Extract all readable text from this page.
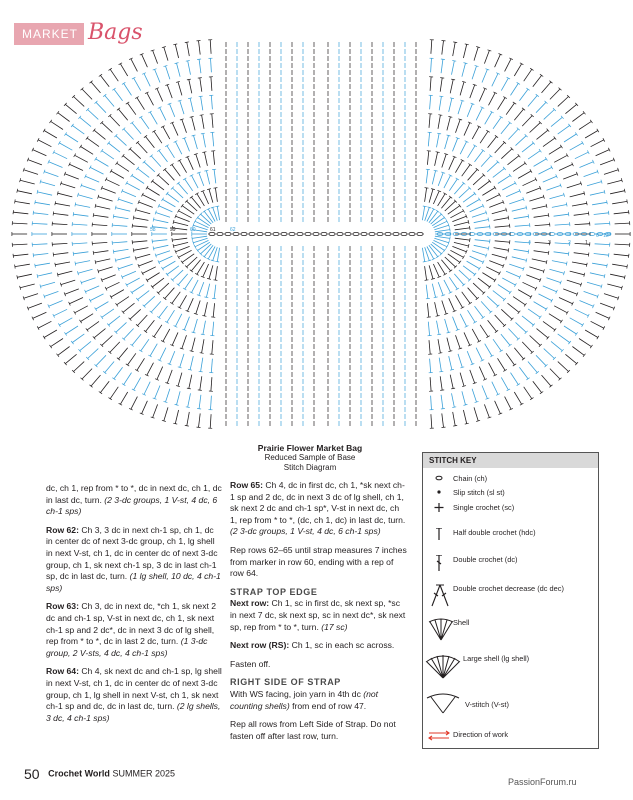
MARKET Bags
62
61
60
59
58
4	3	2	1
0 - 12
Prairie Flower Market Bag
Reduced Sample of Base
Stitch Diagram

dc, ch 1, rep from * to *, dc in next dc, ch 1, dc in last dc, turn. (2 3-dc groups, 1 V-st, 4 dc, 6 ch-1 sps)

Row 62: Ch 3, 3 dc in next ch-1 sp, ch 1, dc in center dc of next 3-dc group, ch 1, lg shell in next V-st, ch 1, dc in center dc of next 3-dc group, ch 1, sk next ch-1 sp, 3 dc in last ch-1 sp, dc in last dc, turn. (1 lg shell, 10 dc, 4 ch-1 sps)

Row 63: Ch 3, dc in next dc, *ch 1, sk next 2 dc and ch-1 sp, V-st in next dc, ch 1, sk next ch-1 sp and 2 dc*, dc in next 3 dc of lg shell, rep from * to *, dc in last 2 dc, turn. (1 3-dc group, 2 V-sts, 4 dc, 4 ch-1 sps)

Row 64: Ch 4, sk next dc and ch-1 sp, lg shell in next V-st, ch 1, dc in center dc of next 3-dc group, ch 1, lg shell in next V-st, ch 1, sk next ch-1 sp and dc, dc in last dc, turn. (2 lg shells, 3 dc, 4 ch-1 sps)

Row 65: Ch 4, dc in first dc, ch 1, *sk next ch-1 sp and 2 dc, dc in next 3 dc of lg shell, ch 1, sk next 2 dc and ch-1 sp*, V-st in next dc, ch 1, rep from * to *, (dc, ch 1, dc) in last dc, turn. (2 3-dc groups, 1 V-st, 4 dc, 6 ch-1 sps)

Rep rows 62–65 until strap measures 7 inches from marker in row 60, ending with a rep of row 64.

STRAP TOP EDGE

Next row: Ch 1, sc in first dc, sk next sp, *sc in next 7 dc, sk next sp, sc in next dc*, sk next sp, rep from * to *, turn. (17 sc)

Next row (RS): Ch 1, sc in each sc across.

Fasten off.

RIGHT SIDE OF STRAP

With WS facing, join yarn in 4th dc (not counting shells) from end of row 47.

Rep all rows from Left Side of Strap. Do not fasten off after last row, turn.

STITCH KEY
Chain (ch)
Slip stitch (sl st)
Single crochet (sc)
Half double crochet (hdc)
Double crochet (dc)
Double crochet decrease (dc dec)
Shell
Large shell (lg shell)
V-stitch (V-st)
Direction of work
50 Crochet World SUMMER 2025
PassionForum.ru
